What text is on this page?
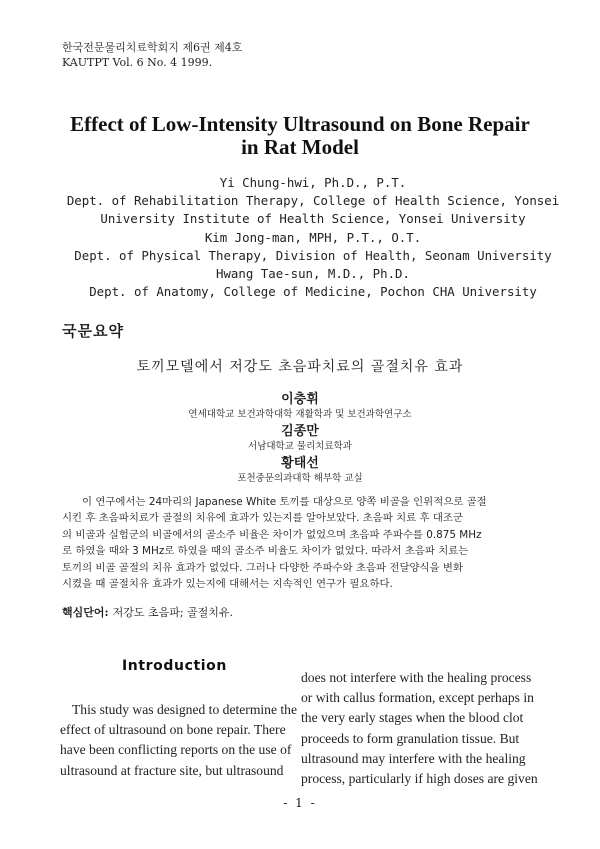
한국전문물리치료학회지 제6권 제4호
KAUTPT Vol. 6 No. 4 1999.
Effect of Low-Intensity Ultrasound on Bone Repair
in Rat Model
Yi Chung-hwi, Ph.D., P.T.
Dept. of Rehabilitation Therapy, College of Health Science, Yonsei
University Institute of Health Science, Yonsei University
Kim Jong-man, MPH, P.T., O.T.
Dept. of Physical Therapy, Division of Health, Seonam University
Hwang Tae-sun, M.D., Ph.D.
Dept. of Anatomy, College of Medicine, Pochon CHA University
국문요약
토끼모델에서 저강도 초음파치료의 골절치유 효과
이충휘
연세대학교 보건과학대학 재활학과 및 보건과학연구소
김종만
서남대학교 물리치료학과
황태선
포천중문의과대학 해부학 교실
이 연구에서는 24마리의 Japanese White 토끼를 대상으로 양쪽 비골을 인위적으로 골절
시킨 후 초음파치료가 골절의 치유에 효과가 있는지를 알아보았다. 초음파 치료 후 대조군
의 비골과 실험군의 비골에서의 골소주 비율은 차이가 없었으며 초음파 주파수를 0.875 MHz
로 하였을 때와 3 MHz로 하였을 때의 골소주 비율도 차이가 없었다. 따라서 초음파 치료는
토끼의 비골 골절의 치유 효과가 없었다. 그러나 다양한 주파수와 초음파 전달양식을 변화
시켰을 때 골절치유 효과가 있는지에 대해서는 지속적인 연구가 필요하다.
핵심단어: 저강도 초음파; 골절치유.
Introduction
This study was designed to determine the
effect of ultrasound on bone repair. There
have been conflicting reports on the use of
ultrasound at fracture site, but ultrasound
does not interfere with the healing process
or with callus formation, except perhaps in
the very early stages when the blood clot
proceeds to form granulation tissue. But
ultrasound may interfere with the healing
process, particularly if high doses are given
- 1 -
